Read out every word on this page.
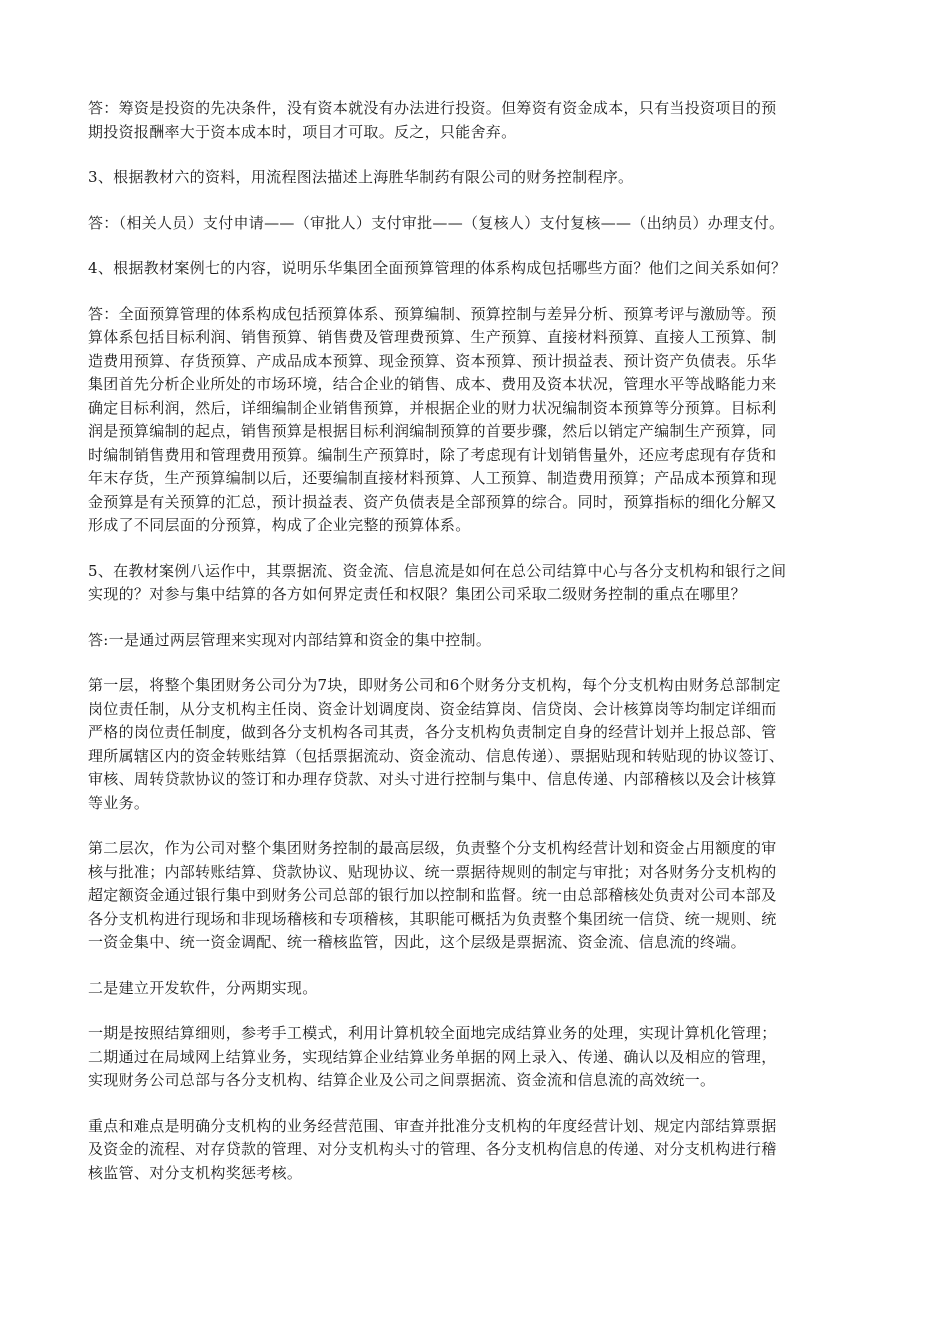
答：筹资是投资的先决条件，没有资本就没有办法进行投资。但筹资有资金成本，只有当投资项目的预
期投资报酬率大于资本成本时，项目才可取。反之，只能舍弃。

3、根据教材六的资料，用流程图法描述上海胜华制药有限公司的财务控制程序。

答：（相关人员）支付申请——（审批人）支付审批——（复核人）支付复核——（出纳员）办理支付。

4、根据教材案例七的内容，说明乐华集团全面预算管理的体系构成包括哪些方面？他们之间关系如何？

答：全面预算管理的体系构成包括预算体系、预算编制、预算控制与差异分析、预算考评与激励等。预
算体系包括目标利润、销售预算、销售费及管理费预算、生产预算、直接材料预算、直接人工预算、制
造费用预算、存货预算、产成品成本预算、现金预算、资本预算、预计损益表、预计资产负债表。乐华
集团首先分析企业所处的市场环境，结合企业的销售、成本、费用及资本状况，管理水平等战略能力来
确定目标利润，然后，详细编制企业销售预算，并根据企业的财力状况编制资本预算等分预算。目标利
润是预算编制的起点，销售预算是根据目标利润编制预算的首要步骤，然后以销定产编制生产预算，同
时编制销售费用和管理费用预算。编制生产预算时，除了考虑现有计划销售量外，还应考虑现有存货和
年末存货，生产预算编制以后，还要编制直接材料预算、人工预算、制造费用预算；产品成本预算和现
金预算是有关预算的汇总，预计损益表、资产负债表是全部预算的综合。同时，预算指标的细化分解又
形成了不同层面的分预算，构成了企业完整的预算体系。

5、在教材案例八运作中，其票据流、资金流、信息流是如何在总公司结算中心与各分支机构和银行之间
实现的？对参与集中结算的各方如何界定责任和权限？集团公司采取二级财务控制的重点在哪里？

答:一是通过两层管理来实现对内部结算和资金的集中控制。

第一层，将整个集团财务公司分为7块，即财务公司和6个财务分支机构，每个分支机构由财务总部制定
岗位责任制，从分支机构主任岗、资金计划调度岗、资金结算岗、信贷岗、会计核算岗等均制定详细而
严格的岗位责任制度，做到各分支机构各司其责，各分支机构负责制定自身的经营计划并上报总部、管
理所属辖区内的资金转账结算（包括票据流动、资金流动、信息传递）、票据贴现和转贴现的协议签订、
审核、周转贷款协议的签订和办理存贷款、对头寸进行控制与集中、信息传递、内部稽核以及会计核算
等业务。

第二层次，作为公司对整个集团财务控制的最高层级，负责整个分支机构经营计划和资金占用额度的审
核与批准；内部转账结算、贷款协议、贴现协议、统一票据待规则的制定与审批；对各财务分支机构的
超定额资金通过银行集中到财务公司总部的银行加以控制和监督。统一由总部稽核处负责对公司本部及
各分支机构进行现场和非现场稽核和专项稽核，其职能可概括为负责整个集团统一信贷、统一规则、统
一资金集中、统一资金调配、统一稽核监管，因此，这个层级是票据流、资金流、信息流的终端。

二是建立开发软件，分两期实现。

一期是按照结算细则，参考手工模式，利用计算机较全面地完成结算业务的处理，实现计算机化管理；
二期通过在局域网上结算业务，实现结算企业结算业务单据的网上录入、传递、确认以及相应的管理，
实现财务公司总部与各分支机构、结算企业及公司之间票据流、资金流和信息流的高效统一。

重点和难点是明确分支机构的业务经营范围、审查并批准分支机构的年度经营计划、规定内部结算票据
及资金的流程、对存贷款的管理、对分支机构头寸的管理、各分支机构信息的传递、对分支机构进行稽
核监管、对分支机构奖惩考核。
